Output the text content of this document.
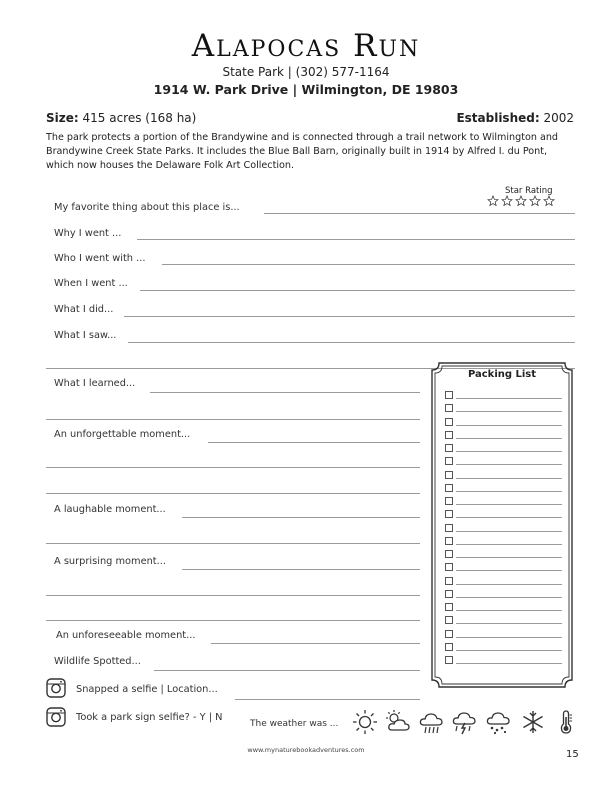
Alapocas Run
State Park | (302) 577-1164
1914 W. Park Drive | Wilmington, DE 19803
Size: 415 acres (168 ha)	Established: 2002
The park protects a portion of the Brandywine and is connected through a trail network to Wilmington and Brandywine Creek State Parks. It includes the Blue Ball Barn, originally built in 1914 by Alfred I. du Pont, which now houses the Delaware Folk Art Collection.
Star Rating
My favorite thing about this place is...
Why I went ...
Who I went with ...
When I went ...
What I did...
What I saw...
What I learned...
An unforgettable moment...
A laughable moment...
A surprising moment...
An unforeseeable moment...
Wildlife Spotted...
Snapped a selfie | Location...
Took a park sign selfie? - Y | N
The weather was ...
Packing List
www.mynaturebookadventures.com	15
